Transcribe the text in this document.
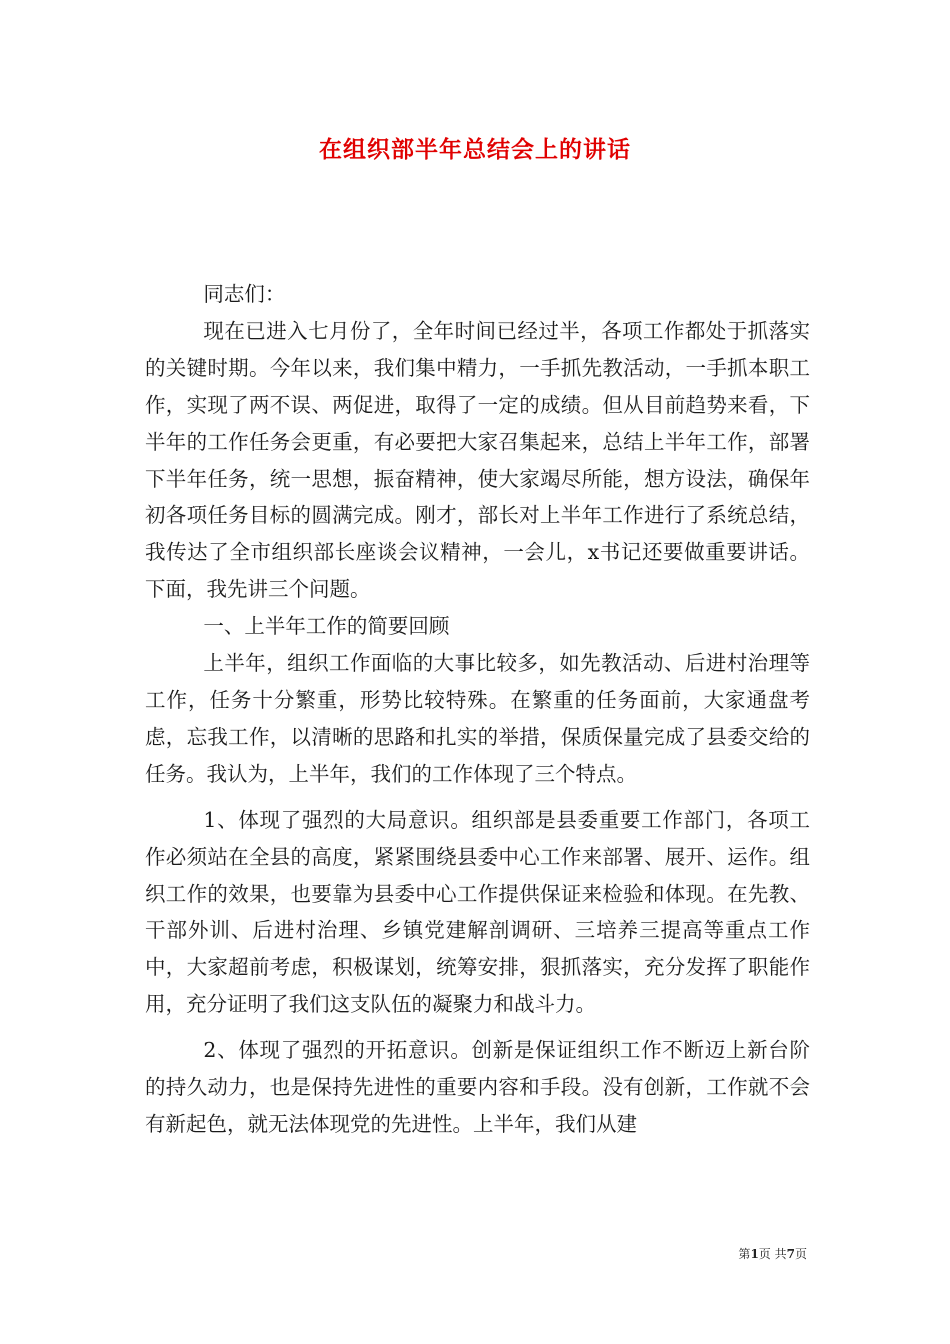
在组织部半年总结会上的讲话

同志们：

现在已进入七月份了，全年时间已经过半，各项工作都处于抓落实的关键时期。今年以来，我们集中精力，一手抓先教活动，一手抓本职工作，实现了两不误、两促进，取得了一定的成绩。但从目前趋势来看，下半年的工作任务会更重，有必要把大家召集起来，总结上半年工作，部署下半年任务，统一思想，振奋精神，使大家竭尽所能，想方设法，确保年初各项任务目标的圆满完成。刚才，部长对上半年工作进行了系统总结，我传达了全市组织部长座谈会议精神，一会儿，x书记还要做重要讲话。下面，我先讲三个问题。

一、上半年工作的简要回顾

上半年，组织工作面临的大事比较多，如先教活动、后进村治理等工作，任务十分繁重，形势比较特殊。在繁重的任务面前，大家通盘考虑，忘我工作，以清晰的思路和扎实的举措，保质保量完成了县委交给的任务。我认为，上半年，我们的工作体现了三个特点。

1、体现了强烈的大局意识。组织部是县委重要工作部门，各项工作必须站在全县的高度，紧紧围绕县委中心工作来部署、展开、运作。组织工作的效果，也要靠为县委中心工作提供保证来检验和体现。在先教、干部外训、后进村治理、乡镇党建解剖调研、三培养三提高等重点工作中，大家超前考虑，积极谋划，统筹安排，狠抓落实，充分发挥了职能作用，充分证明了我们这支队伍的凝聚力和战斗力。

2、体现了强烈的开拓意识。创新是保证组织工作不断迈上新台阶的持久动力，也是保持先进性的重要内容和手段。没有创新，工作就不会有新起色，就无法体现党的先进性。上半年，我们从建

第1页 共7页
